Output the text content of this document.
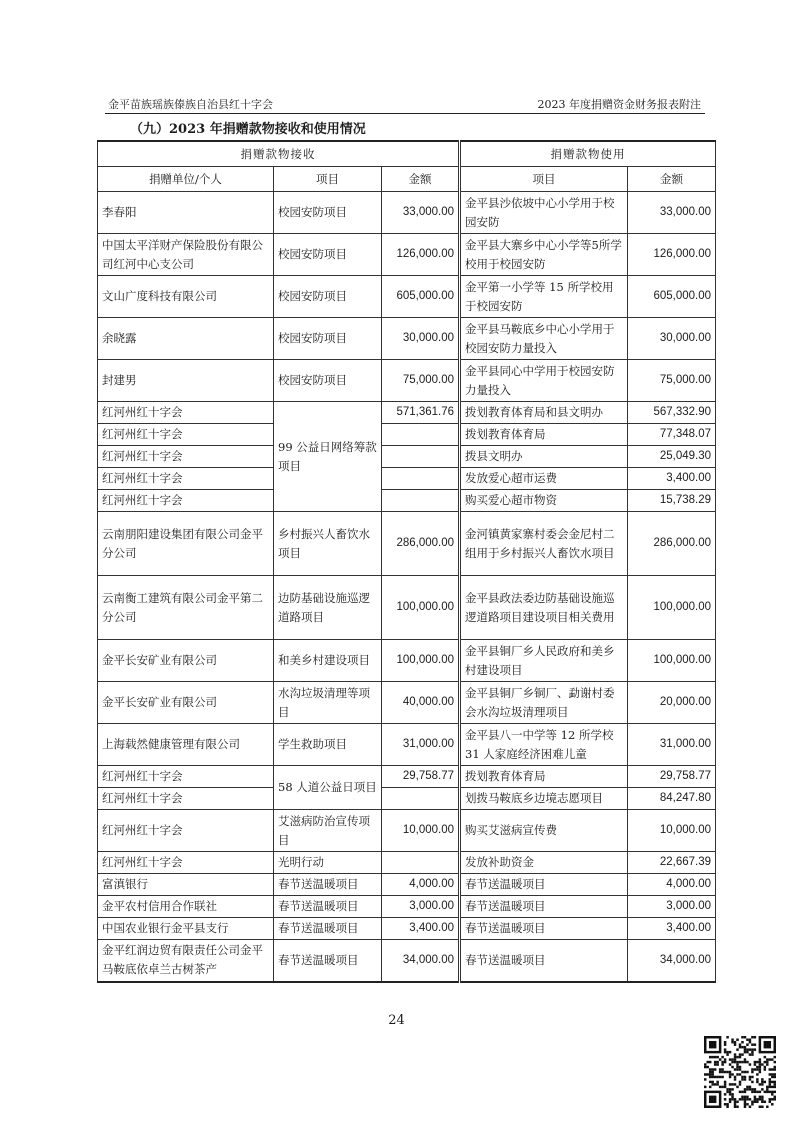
金平苗族瑶族傣族自治县红十字会	2023 年度捐赠资金财务报表附注
（九）2023 年捐赠款物接收和使用情况
捐赠款物接收			捐赠款物使用	
捐赠单位/个人	项目	金额	项目	金额
李春阳	校园安防项目	33,000.00	金平县沙依坡中心小学用于校园安防	33,000.00
中国太平洋财产保险股份有限公司红河中心支公司	校园安防项目	126,000.00	金平县大寨乡中心小学等5所学校用于校园安防	126,000.00
文山广度科技有限公司	校园安防项目	605,000.00	金平第一小学等 15 所学校用于校园安防	605,000.00
余晓露	校园安防项目	30,000.00	金平县马鞍底乡中心小学用于校园安防力量投入	30,000.00
封建男	校园安防项目	75,000.00	金平县同心中学用于校园安防力量投入	75,000.00
红河州红十字会	99 公益日网络筹款项目	571,361.76	拨划教育体育局和县文明办	567,332.90
红河州红十字会			拨划教育体育局	77,348.07
红河州红十字会			拨县文明办	25,049.30
红河州红十字会			发放爱心超市运费	3,400.00
红河州红十字会			购买爱心超市物资	15,738.29
云南朋阳建设集团有限公司金平分公司	乡村振兴人畜饮水项目	286,000.00	金河镇黄家寨村委会金尼村二组用于乡村振兴人畜饮水项目	286,000.00
云南衡工建筑有限公司金平第二分公司	边防基础设施巡逻道路项目	100,000.00	金平县政法委边防基础设施巡逻道路项目建设项目相关费用	100,000.00
金平长安矿业有限公司	和美乡村建设项目	100,000.00	金平县铜厂乡人民政府和美乡村建设项目	100,000.00
金平长安矿业有限公司	水沟垃圾清理等项目	40,000.00	金平县铜厂乡铜厂、勐谢村委会水沟垃圾清理项目	20,000.00
上海载然健康管理有限公司	学生救助项目	31,000.00	金平县八一中学等 12 所学校 31 人家庭经济困难儿童	31,000.00
红河州红十字会	58 人道公益日项目	29,758.77	拨划教育体育局	29,758.77
红河州红十字会			划拨马鞍底乡边境志愿项目	84,247.80
红河州红十字会	艾滋病防治宣传项目	10,000.00	购买艾滋病宣传费	10,000.00
红河州红十字会	光明行动		发放补助资金	22,667.39
富滇银行	春节送温暖项目	4,000.00	春节送温暖项目	4,000.00
金平农村信用合作联社	春节送温暖项目	3,000.00	春节送温暖项目	3,000.00
中国农业银行金平县支行	春节送温暖项目	3,400.00	春节送温暖项目	3,400.00
金平红润边贸有限责任公司金平马鞍底依卓兰古树茶产	春节送温暖项目	34,000.00	春节送温暖项目	34,000.00
24
